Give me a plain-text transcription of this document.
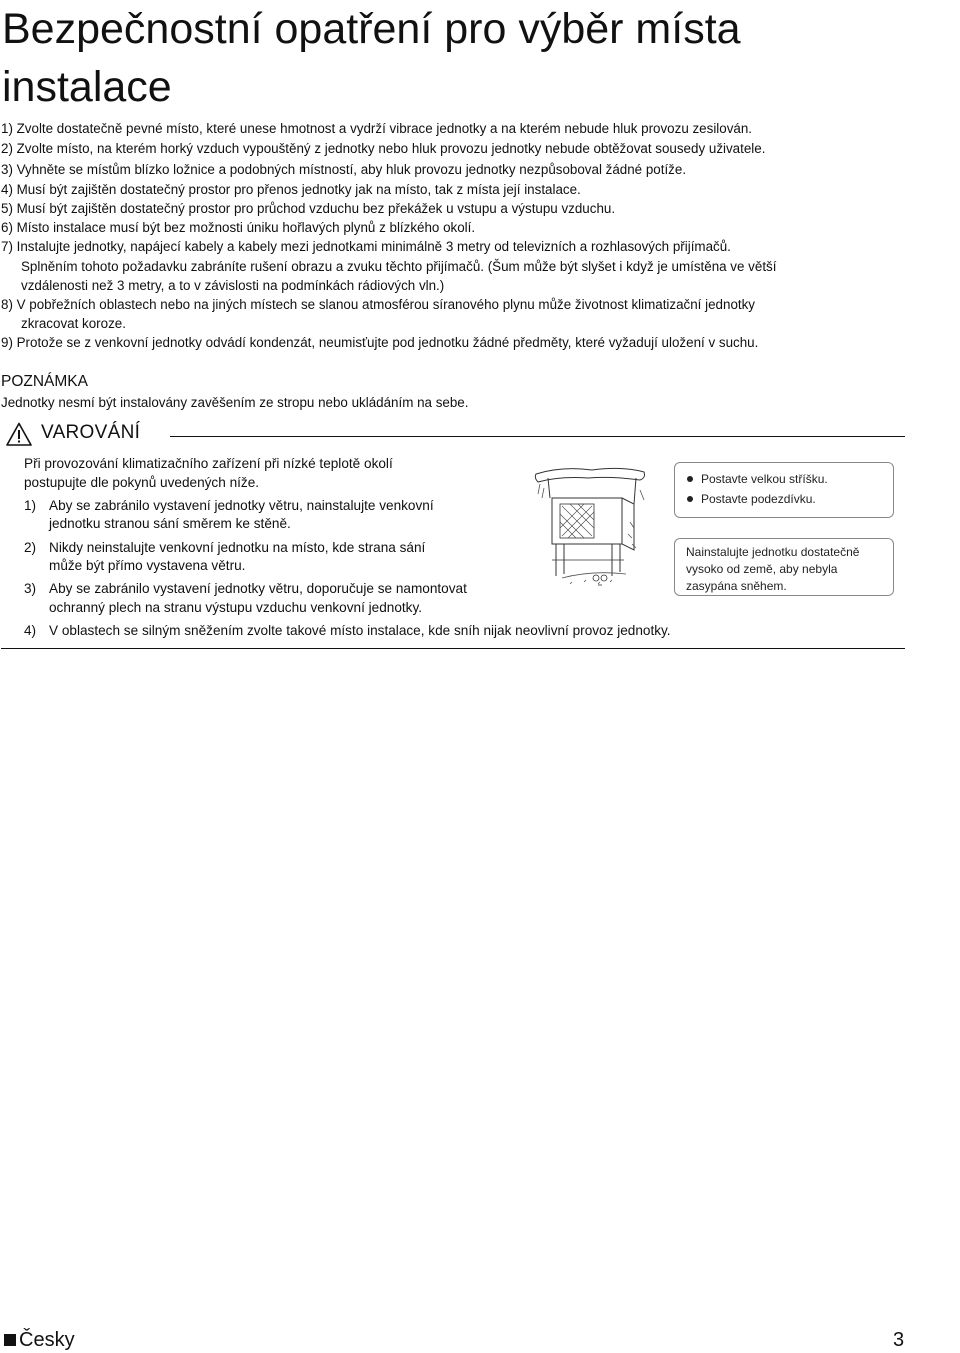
Bezpečnostní opatření pro výběr místa
instalace
1) Zvolte dostatečně pevné místo, které unese hmotnost a vydrží vibrace jednotky a na kterém nebude hluk provozu zesilován.
2) Zvolte místo, na kterém horký vzduch vypouštěný z jednotky nebo hluk provozu jednotky nebude obtěžovat sousedy uživatele.
3) Vyhněte se místům blízko ložnice a podobných místností, aby hluk provozu jednotky nezpůsoboval žádné potíže.
4) Musí být zajištěn dostatečný prostor pro přenos jednotky jak na místo, tak z místa její instalace.
5) Musí být zajištěn dostatečný prostor pro průchod vzduchu bez překážek u vstupu a výstupu vzduchu.
6) Místo instalace musí být bez možnosti úniku hořlavých plynů z blízkého okolí.
7) Instalujte jednotky, napájecí kabely a kabely mezi jednotkami minimálně 3 metry od televizních a rozhlasových přijímačů.
Splněním tohoto požadavku zabráníte rušení obrazu a zvuku těchto přijímačů. (Šum může být slyšet i když je umístěna ve větší
vzdálenosti než 3 metry, a to v závislosti na podmínkách rádiových vln.)
8) V pobřežních oblastech nebo na jiných místech se slanou atmosférou síranového plynu může životnost klimatizační jednotky
zkracovat koroze.
9) Protože se z venkovní jednotky odvádí kondenzát, neumisťujte pod jednotku žádné předměty, které vyžadují uložení v suchu.
POZNÁMKA
Jednotky nesmí být instalovány zavěšením ze stropu nebo ukládáním na sebe.
VAROVÁNÍ
Při provozování klimatizačního zařízení při nízké teplotě okolí
postupujte dle pokynů uvedených níže.
1) Aby se zabránilo vystavení jednotky větru, nainstalujte venkovní
jednotku stranou sání směrem ke stěně.
2) Nikdy neinstalujte venkovní jednotku na místo, kde strana sání
může být přímo vystavena větru.
3) Aby se zabránilo vystavení jednotky větru, doporučuje se namontovat
ochranný plech na stranu výstupu vzduchu venkovní jednotky.
4) V oblastech se silným sněžením zvolte takové místo instalace, kde sníh nijak neovlivní provoz jednotky.
Postavte velkou stříšku.
Postavte podezdívku.
Nainstalujte jednotku dostatečně
vysoko od země, aby nebyla
zasypána sněhem.
Česky	3
